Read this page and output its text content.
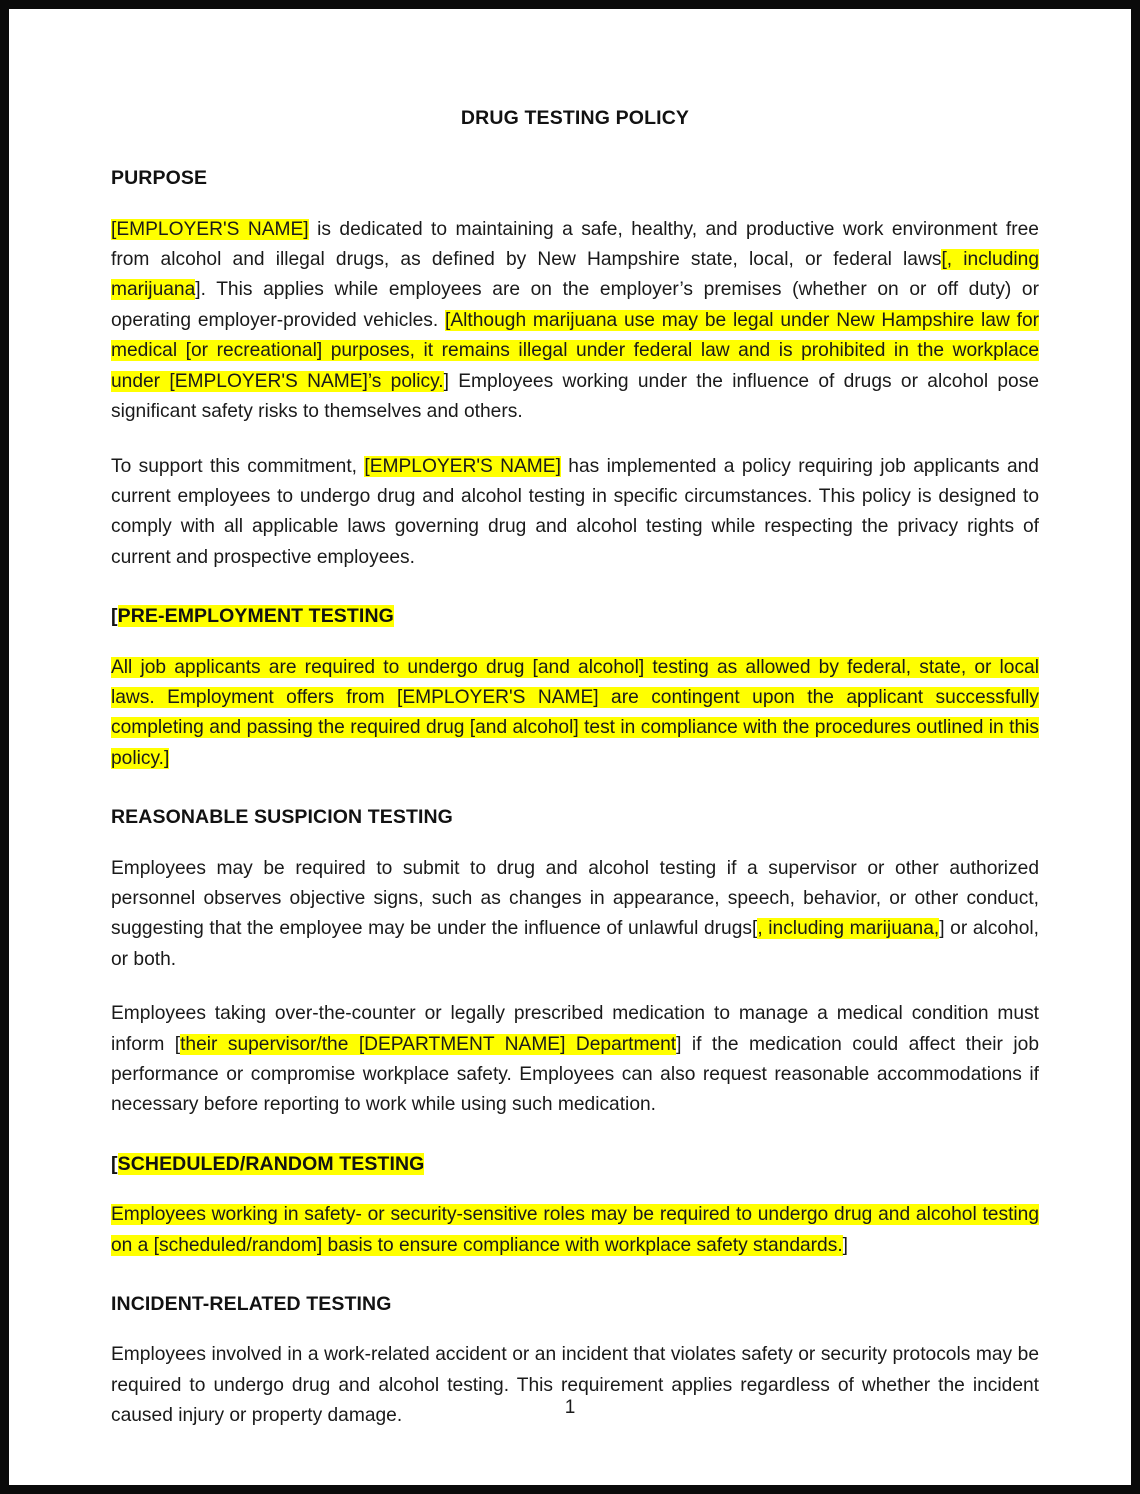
DRUG TESTING POLICY
PURPOSE

[EMPLOYER'S NAME] is dedicated to maintaining a safe, healthy, and productive work environment free from alcohol and illegal drugs, as defined by New Hampshire state, local, or federal laws[, including marijuana]. This applies while employees are on the employer’s premises (whether on or off duty) or operating employer-provided vehicles. [Although marijuana use may be legal under New Hampshire law for medical [or recreational] purposes, it remains illegal under federal law and is prohibited in the workplace under [EMPLOYER'S NAME]’s policy.] Employees working under the influence of drugs or alcohol pose significant safety risks to themselves and others.

To support this commitment, [EMPLOYER'S NAME] has implemented a policy requiring job applicants and current employees to undergo drug and alcohol testing in specific circumstances. This policy is designed to comply with all applicable laws governing drug and alcohol testing while respecting the privacy rights of current and prospective employees.

[PRE-EMPLOYMENT TESTING

All job applicants are required to undergo drug [and alcohol] testing as allowed by federal, state, or local laws. Employment offers from [EMPLOYER'S NAME] are contingent upon the applicant successfully completing and passing the required drug [and alcohol] test in compliance with the procedures outlined in this policy.]

REASONABLE SUSPICION TESTING

Employees may be required to submit to drug and alcohol testing if a supervisor or other authorized personnel observes objective signs, such as changes in appearance, speech, behavior, or other conduct, suggesting that the employee may be under the influence of unlawful drugs[, including marijuana,] or alcohol, or both.

Employees taking over-the-counter or legally prescribed medication to manage a medical condition must inform [their supervisor/the [DEPARTMENT NAME] Department] if the medication could affect their job performance or compromise workplace safety. Employees can also request reasonable accommodations if necessary before reporting to work while using such medication.

[SCHEDULED/RANDOM TESTING

Employees working in safety- or security-sensitive roles may be required to undergo drug and alcohol testing on a [scheduled/random] basis to ensure compliance with workplace safety standards.]

INCIDENT-RELATED TESTING

Employees involved in a work-related accident or an incident that violates safety or security protocols may be required to undergo drug and alcohol testing. This requirement applies regardless of whether the incident caused injury or property damage.	1
